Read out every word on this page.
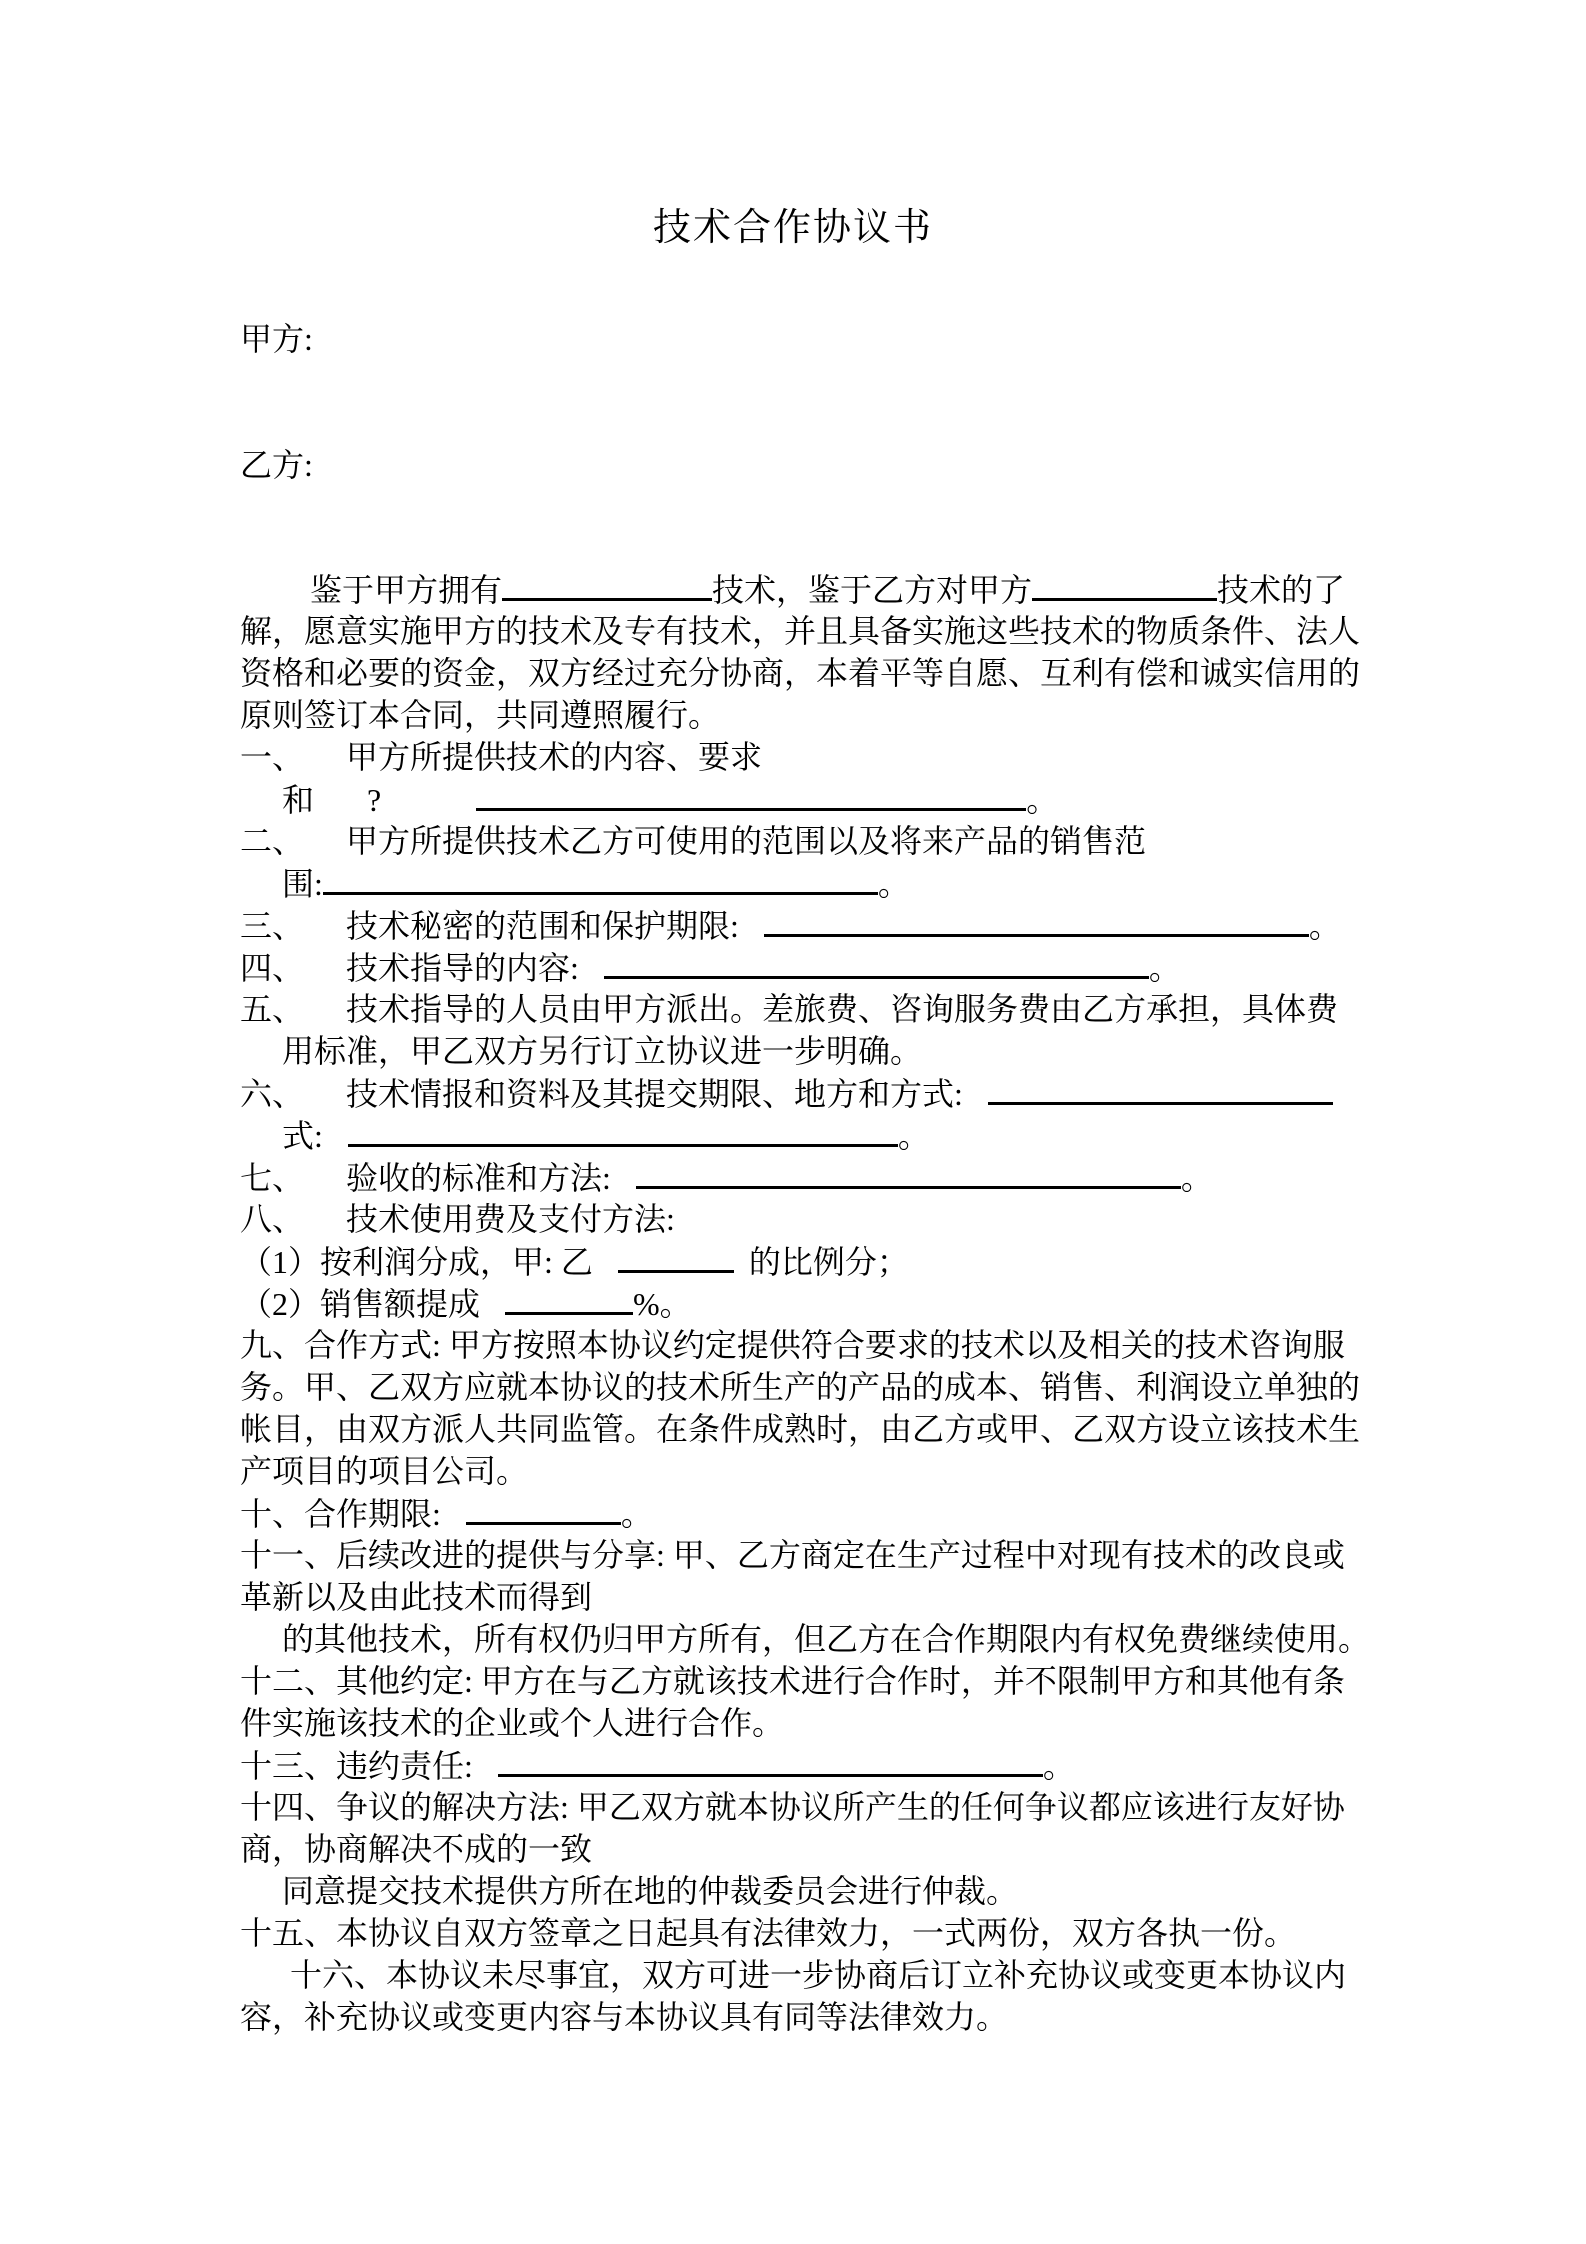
技术合作协议书
甲方:
乙方:
鉴于甲方拥有	技术，鉴于乙方对甲方	技术的了
解，愿意实施甲方的技术及专有技术，并且具备实施这些技术的物质条件、法人
资格和必要的资金，双方经过充分协商，本着平等自愿、互利有偿和诚实信用的
原则签订本合同，共同遵照履行。
一、 甲方所提供技术的内容、要求
和 ?	。
二、 甲方所提供技术乙方可使用的范围以及将来产品的销售范
围:	。
三、 技术秘密的范围和保护期限:	。
四、 技术指导的内容:	。
五、 技术指导的人员由甲方派出。差旅费、咨询服务费由乙方承担，具体费
用标准，甲乙双方另行订立协议进一步明确。
六、 技术情报和资料及其提交期限、地方和方式:
式:	。
七、 验收的标准和方法:	。
八、 技术使用费及支付方法:
（1）按利润分成，甲: 乙	的比例分；
（2）销售额提成	%。
九、合作方式: 甲方按照本协议约定提供符合要求的技术以及相关的技术咨询服
务。甲、乙双方应就本协议的技术所生产的产品的成本、销售、利润设立单独的
帐目，由双方派人共同监管。在条件成熟时，由乙方或甲、乙双方设立该技术生
产项目的项目公司。
十、合作期限:	。
十一、后续改进的提供与分享: 甲、乙方商定在生产过程中对现有技术的改良或
革新以及由此技术而得到
的其他技术，所有权仍归甲方所有，但乙方在合作期限内有权免费继续使用。
十二、其他约定: 甲方在与乙方就该技术进行合作时，并不限制甲方和其他有条
件实施该技术的企业或个人进行合作。
十三、违约责任:	。
十四、争议的解决方法: 甲乙双方就本协议所产生的任何争议都应该进行友好协
商，协商解决不成的一致
同意提交技术提供方所在地的仲裁委员会进行仲裁。
十五、本协议自双方签章之日起具有法律效力，一式两份，双方各执一份。
十六、本协议未尽事宜，双方可进一步协商后订立补充协议或变更本协议内
容，补充协议或变更内容与本协议具有同等法律效力。
